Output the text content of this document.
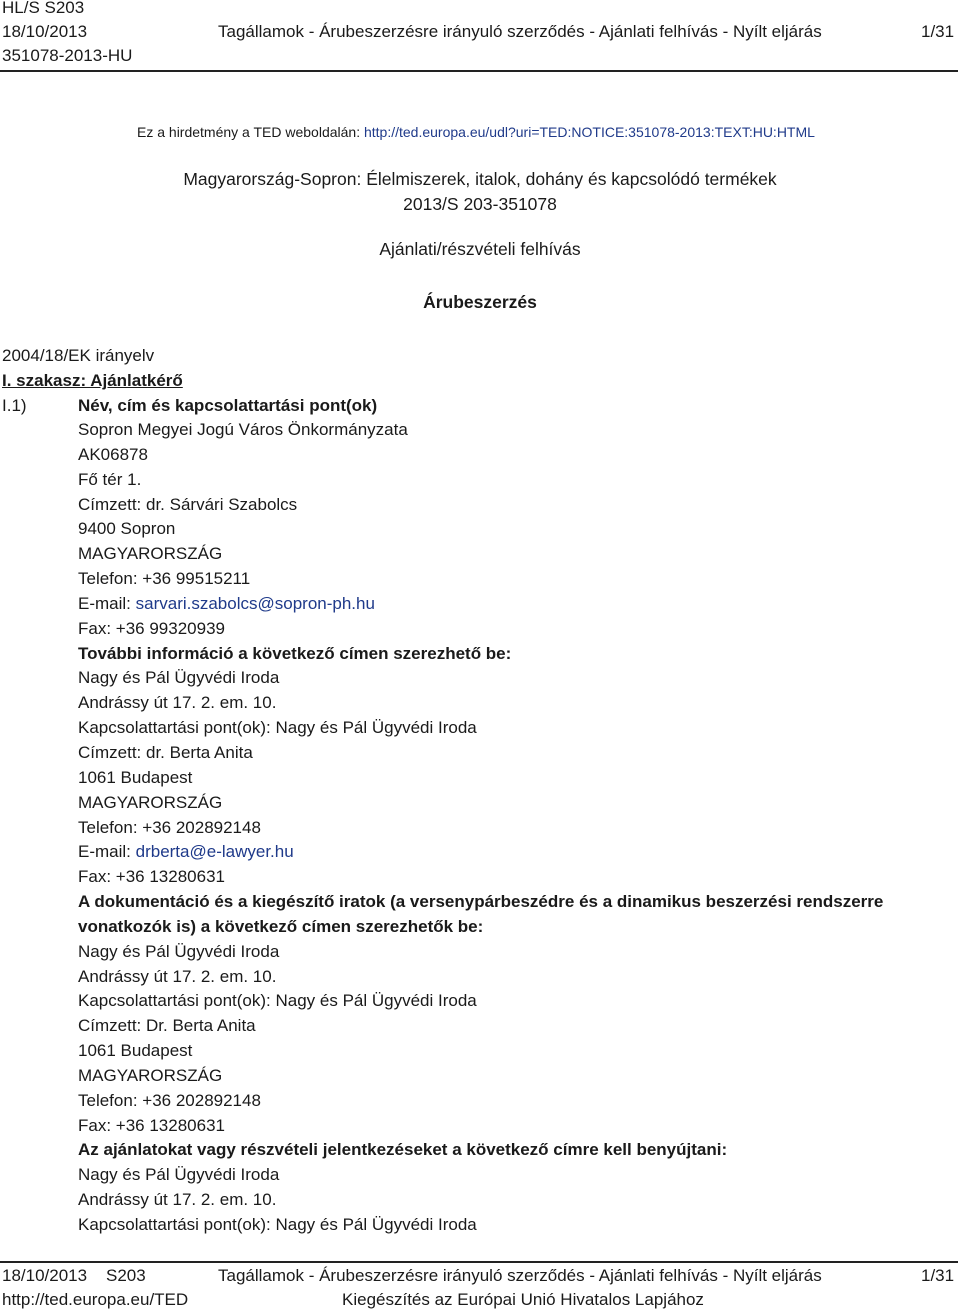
HL/S S203
18/10/2013
351078-2013-HU
Tagállamok - Árubeszerzésre irányuló szerződés - Ajánlati felhívás - Nyílt eljárás	1/31
Ez a hirdetmény a TED weboldalán: http://ted.europa.eu/udl?uri=TED:NOTICE:351078-2013:TEXT:HU:HTML
Magyarország-Sopron: Élelmiszerek, italok, dohány és kapcsolódó termékek
2013/S 203-351078
Ajánlati/részvételi felhívás
Árubeszerzés
2004/18/EK irányelv
I. szakasz: Ajánlatkérő
I.1)	Név, cím és kapcsolattartási pont(ok)
Sopron Megyei Jogú Város Önkormányzata
AK06878
Fő tér 1.
Címzett: dr. Sárvári Szabolcs
9400 Sopron
MAGYARORSZÁG
Telefon: +36 99515211
E-mail: sarvari.szabolcs@sopron-ph.hu
Fax: +36 99320939
További információ a következő címen szerezhető be:
Nagy és Pál Ügyvédi Iroda
Andrássy út 17. 2. em. 10.
Kapcsolattartási pont(ok): Nagy és Pál Ügyvédi Iroda
Címzett: dr. Berta Anita
1061 Budapest
MAGYARORSZÁG
Telefon: +36 202892148
E-mail: drberta@e-lawyer.hu
Fax: +36 13280631
A dokumentáció és a kiegészítő iratok (a versenypárbeszédre és a dinamikus beszerzési rendszerre vonatkozók is) a következő címen szerezhetők be:
Nagy és Pál Ügyvédi Iroda
Andrássy út 17. 2. em. 10.
Kapcsolattartási pont(ok): Nagy és Pál Ügyvédi Iroda
Címzett: Dr. Berta Anita
1061 Budapest
MAGYARORSZÁG
Telefon: +36 202892148
Fax: +36 13280631
Az ajánlatokat vagy részvételi jelentkezéseket a következő címre kell benyújtani:
Nagy és Pál Ügyvédi Iroda
Andrássy út 17. 2. em. 10.
Kapcsolattartási pont(ok): Nagy és Pál Ügyvédi Iroda
18/10/2013    S203	Tagállamok - Árubeszerzésre irányuló szerződés - Ajánlati felhívás - Nyílt eljárás	1/31
http://ted.europa.eu/TED	Kiegészítés az Európai Unió Hivatalos Lapjához
